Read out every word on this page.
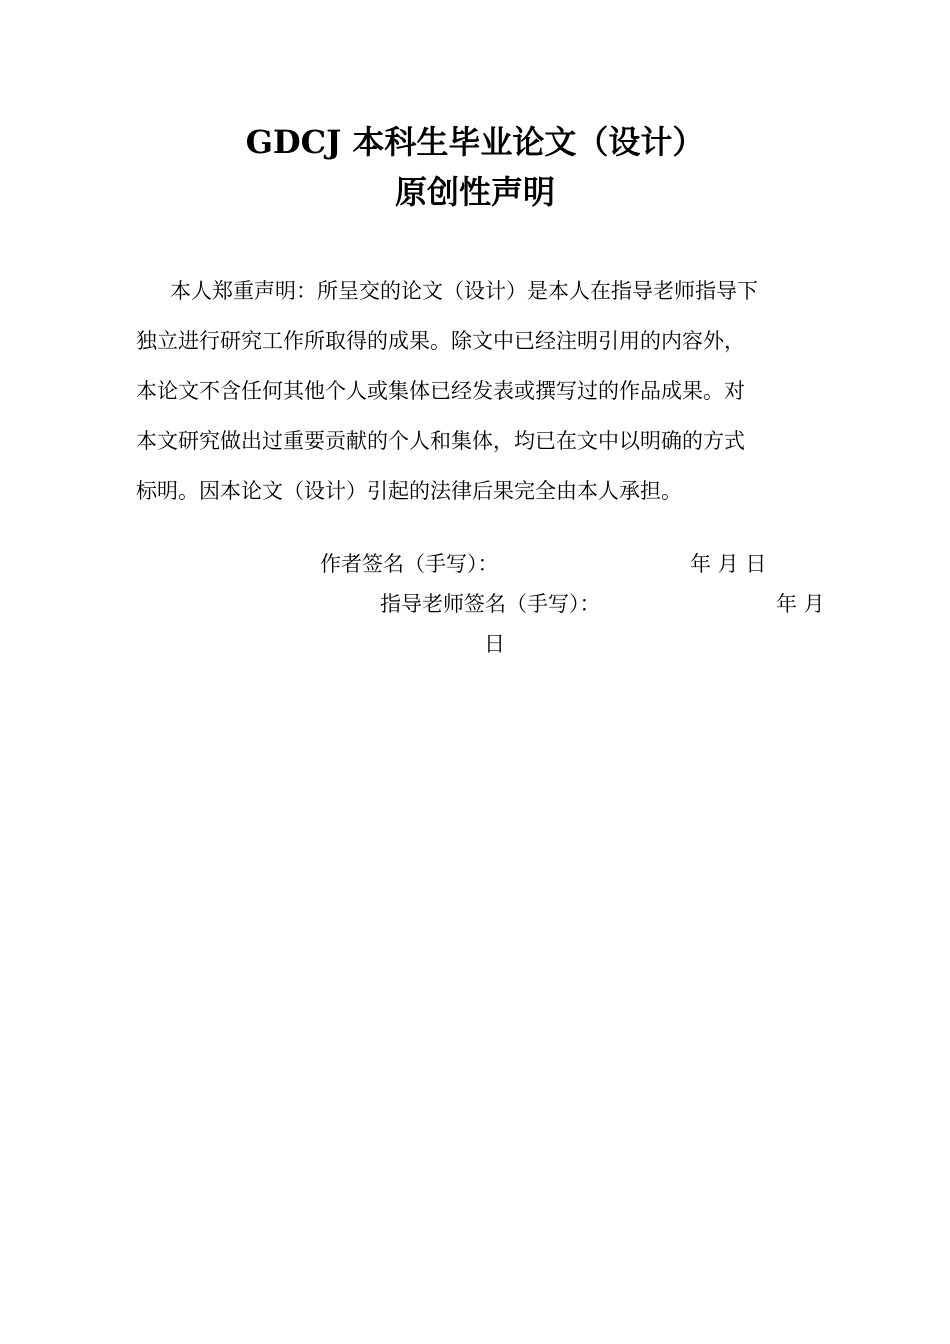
GDCJ 本科生毕业论文（设计）
原创性声明
本人郑重声明：所呈交的论文（设计）是本人在指导老师指导下
独立进行研究工作所取得的成果。除文中已经注明引用的内容外，
本论文不含任何其他个人或集体已经发表或撰写过的作品成果。对
本文研究做出过重要贡献的个人和集体，均已在文中以明确的方式
标明。因本论文（设计）引起的法律后果完全由本人承担。
作者签名（手写）：	年 月 日
指导老师签名（手写）：	年 月
日
